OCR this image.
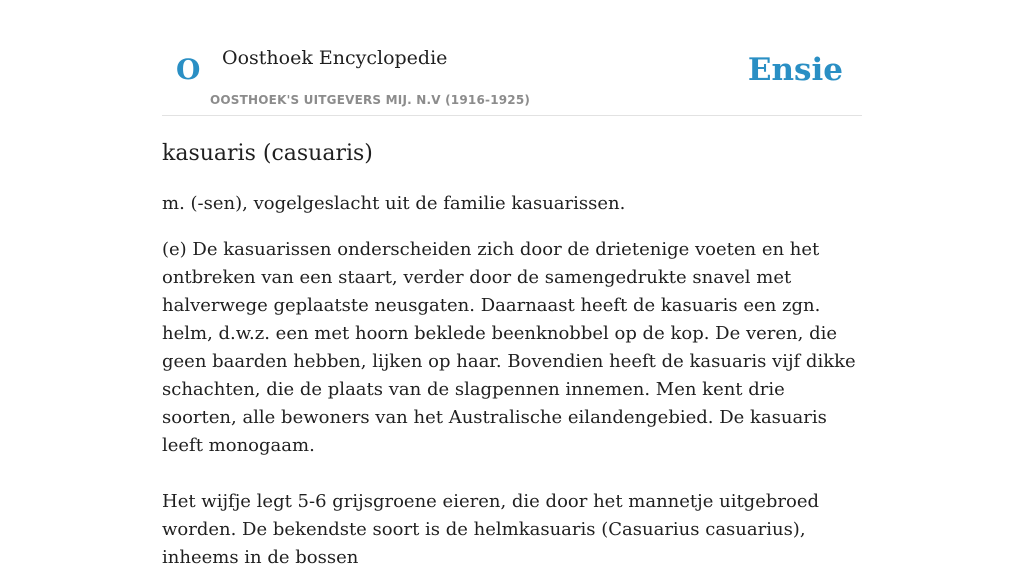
O Oosthoek Encyclopedie
OOSTHOEK'S UITGEVERS MIJ. N.V (1916-1925)
Ensie
kasuaris (casuaris)

m. (-sen), vogelgeslacht uit de familie kasuarissen.

(e) De kasuarissen onderscheiden zich door de drietenige voeten en het ontbreken van een staart, verder door de samengedrukte snavel met halverwege geplaatste neusgaten. Daarnaast heeft de kasuaris een zgn. helm, d.w.z. een met hoorn beklede beenknobbel op de kop. De veren, die geen baarden hebben, lijken op haar. Bovendien heeft de kasuaris vijf dikke schachten, die de plaats van de slagpennen innemen. Men kent drie soorten, alle bewoners van het Australische eilandengebied. De kasuaris leeft monogaam.

Het wijfje legt 5-6 grijsgroene eieren, die door het mannetje uitgebroed worden. De bekendste soort is de helmkasuaris (Casuarius casuarius), inheems in de bossen
